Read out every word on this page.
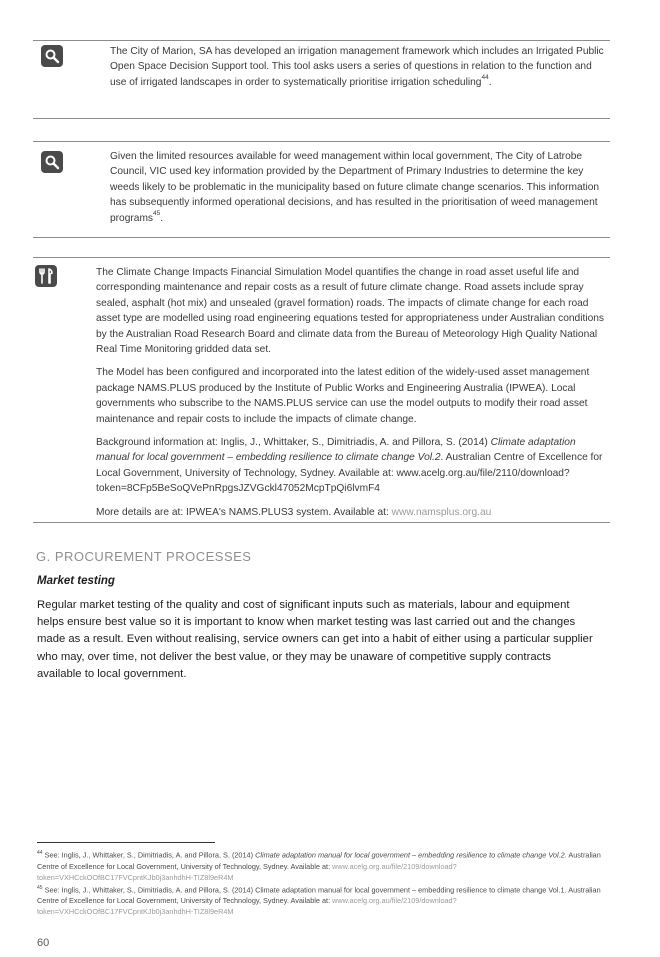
The City of Marion, SA has developed an irrigation management framework which includes an Irrigated Public Open Space Decision Support tool. This tool asks users a series of questions in relation to the function and use of irrigated landscapes in order to systematically prioritise irrigation scheduling$^{44}$.

Given the limited resources available for weed management within local government, The City of Latrobe Council, VIC used key information provided by the Department of Primary Industries to determine the key weeds likely to be problematic in the municipality based on future climate change scenarios. This information has subsequently informed operational decisions, and has resulted in the prioritisation of weed management programs$^{45}$.

The Climate Change Impacts Financial Simulation Model quantifies the change in road asset useful life and corresponding maintenance and repair costs as a result of future climate change. Road assets include spray sealed, asphalt (hot mix) and unsealed (gravel formation) roads. The impacts of climate change for each road asset type are modelled using road engineering equations tested for appropriateness under Australian conditions by the Australian Road Research Board and climate data from the Bureau of Meteorology High Quality National Real Time Monitoring gridded data set.

The Model has been configured and incorporated into the latest edition of the widely-used asset management package NAMS.PLUS produced by the Institute of Public Works and Engineering Australia (IPWEA). Local governments who subscribe to the NAMS.PLUS service can use the model outputs to modify their road asset maintenance and repair costs to include the impacts of climate change.

Background information at: Inglis, J., Whittaker, S., Dimitriadis, A. and Pillora, S. (2014) Climate adaptation manual for local government – embedding resilience to climate change Vol.2. Australian Centre of Excellence for Local Government, University of Technology, Sydney. Available at: www.acelg.org.au/file/2110/download?token=8CFp5BeSoQVePnRpgsJZVGckl47052McpTpQi6lvmF4

More details are at: IPWEA's NAMS.PLUS3 system. Available at: www.namsplus.org.au

G. PROCUREMENT PROCESSES
Market testing

Regular market testing of the quality and cost of significant inputs such as materials, labour and equipment helps ensure best value so it is important to know when market testing was last carried out and the changes made as a result. Even without realising, service owners can get into a habit of either using a particular supplier who may, over time, not deliver the best value, or they may be unaware of competitive supply contracts available to local government.

$^{44}$ See: Inglis, J., Whittaker, S., Dimitriadis, A. and Pillora, S. (2014) Climate adaptation manual for local government – embedding resilience to climate change Vol.2. Australian Centre of Excellence for Local Government, University of Technology, Sydney. Available at: www.acelg.org.au/file/2109/download?token=VXHCckOOfBC17FVCpntKJb0j3anhdhH-TIZ8l9eR4M

$^{45}$ See: Inglis, J., Whittaker, S., Dimitriadis, A. and Pillora, S. (2014) Climate adaptation manual for local government – embedding resilience to climate change Vol.1. Australian Centre of Excellence for Local Government, University of Technology, Sydney. Available at: www.acelg.org.au/file/2109/download?token=VXHCckOOfBC17FVCpntKJb0j3anhdhH-TIZ8l9eR4M

60
